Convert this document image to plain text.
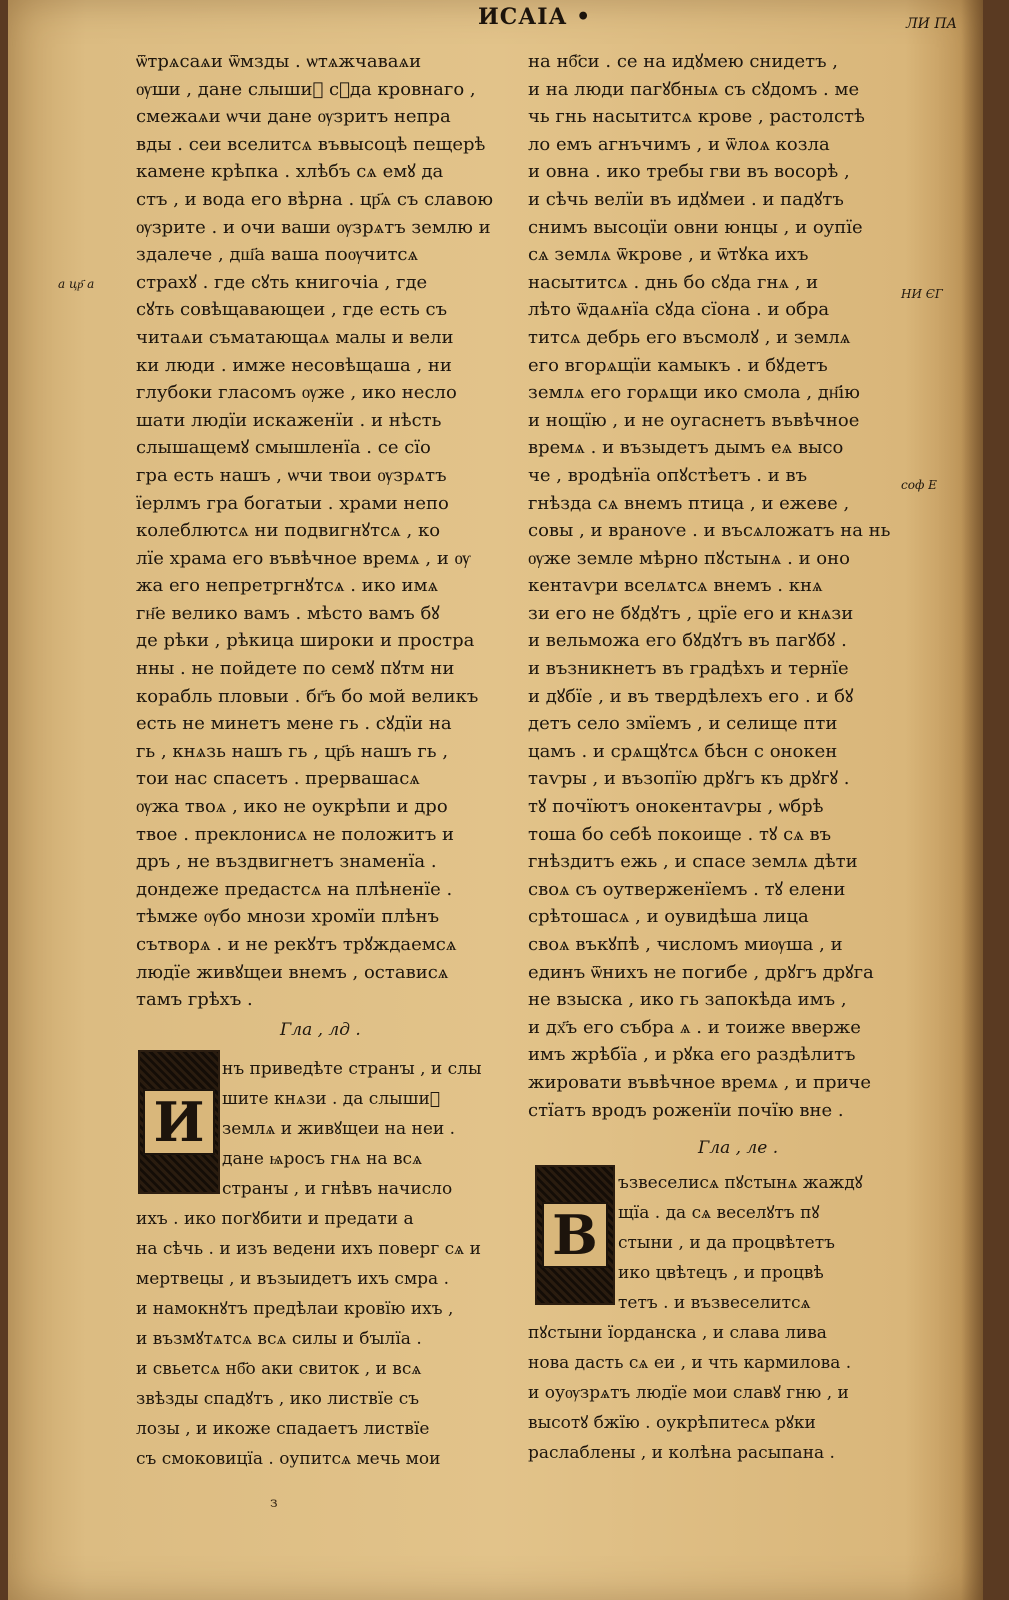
ИСАІА •	ЛИ ПА
а цр҃ а
НИ ЄГ
соф Е
ѿтрѧсаѧи ѿмзды . ѡтѧжчаваѧи
ѹши , дане слышиⷮ сꙋда кровнаго ,
смежаѧи ѡчи дане ѹзритъ непра
вды . сеи вселитсѧ въвысоцѣ пещерѣ
камене крѣпка . хлѣбъ сѧ емꙋ да
стъ , и вода его вѣрна . цр҃ѧ съ славою
ѹзрите . и очи ваши ѹзрѧтъ землю и
здалече , дш҃а ваша поѹчитсѧ
страхꙋ . где сꙋть книгочіа , где
сꙋть совѣщавающеи , где есть съ
читаѧи съматающаѧ малы и вели
ки люди . имже несовѣщаша , ни
глубоки гласомъ ѹже , ико несло
шати людїи искаженїи . и нѣсть
слышащемꙋ смышленїа . се сїо
гра есть нашъ , ѡчи твои ѹзрѧтъ
їерлмъ гра богатыи . храми непо
колеблютсѧ ни подвигнꙋтсѧ , ко
лїе храма его въвѣчное времѧ , и ѹ
жа его непретргнꙋтсѧ . ико имѧ
гн҃е велико вамъ . мѣсто вамъ бꙋ
де рѣки , рѣкица широки и простра
нны . не пойдете по семꙋ пꙋтм ни
корабль пловыи . бг҃ъ бо мой великъ
есть не минетъ мене гь . сꙋдїи на
гь , кнѧзь нашъ гь , цр҃ь нашъ гь ,
тои нас спасетъ . прервашасѧ
ѹжа твоѧ , ико не оукрѣпи и дро
твое . преклонисѧ не положитъ и
дръ , не въздвигнетъ знаменїа .
дондеже предастсѧ на плѣненїе .
тѣмже ѹбо мнози хромїи плѣнъ
сътворѧ . и не рекꙋтъ трꙋждаемсѧ
людїе живꙋщеи внемъ , остависѧ
тамъ грѣхъ .
Гла , лд .
И
нъ приведѣте странꙑ , и слы
шите кнѧзи . да слышиⷮ
землѧ и живꙋщеи на неи .
дане ѩросъ гнѧ на всѧ
странꙑ , и гнѣвъ начисло
ихъ . ико погꙋбити и предати а
на сѣчь . и изъ ведени ихъ поверг сѧ и
мертвецы , и възыидетъ ихъ смра .
и намокнꙋтъ предѣлаи кровїю ихъ ,
и възмꙋтѧтсѧ всѧ силы и бꙑлїа .
и свьетсѧ нб҃о аки свиток , и всѧ
звѣзды спадꙋтъ , ико листвїе съ
лозы , и икоже спадаетъ листвїе
съ смоковицїа . оупитсѧ мечь мои
на нб҃си . се на идꙋмею снидетъ ,
и на люди пагꙋбныѧ съ сꙋдомъ . ме
чь гнь насытитсѧ крове , растолстѣ
ло емъ агнъчимъ , и ѿлоѧ козла
и овна . ико требы гви въ восорѣ ,
и сѣчь велїи въ идꙋмеи . и падꙋтъ
снимъ высоцїи овни юнцы , и оупїе
сѧ землѧ ѿкрове , и ѿтꙋка ихъ
насытитсѧ . днь бо сꙋда гнѧ , и
лѣто ѿдаѧнїа сꙋда сїона . и обра
титсѧ дебрь его въсмолꙋ , и землѧ
его вгорѧщїи камыкъ . и бꙋдетъ
землѧ его горѧщи ико смола , дн҃ію
и нощїю , и не оугаснетъ въвѣчное
времѧ . и възыдетъ дымъ еѧ высо
че , вродѣнїа опꙋстѣетъ . и въ
гнѣзда сѧ внемъ птица , и ежеве ,
совы , и враноѵе . и въсѧложатъ на нь
ѹже земле мѣрно пꙋстынѧ . и оно
кентаѵри вселѧтсѧ внемъ . кнѧ
зи его не бꙋдꙋтъ , црїе его и кнѧзи
и вельможа его бꙋдꙋтъ въ пагꙋбꙋ .
и възникнетъ въ градѣхъ и тернїе
и дꙋбїе , и въ твердѣлехъ его . и бꙋ
детъ село змїемъ , и селище пти
цамъ . и срѧщꙋтсѧ бѣсн с онокен
таѵры , и възопїю дрꙋгъ къ дрꙋгꙋ .
тꙋ почїютъ онокентаѵры , ѡбрѣ
тоша бо себѣ покоище . тꙋ сѧ въ
гнѣздитъ ежь , и спасе землѧ дѣти
своѧ съ оутверженїемъ . тꙋ елени
срѣтошасѧ , и оувидѣша лица
своѧ въкꙋпѣ , числомъ миѹша , и
единъ ѿнихъ не погибе , дрꙋгъ дрꙋга
не взыска , ико гь запокѣда имъ ,
и дх҃ъ его събра ѧ . и тоиже вверже
имъ жрѣбїа , и рꙋка его раздѣлитъ
жировати въвѣчное времѧ , и приче
стїатъ вродъ роженїи почїю вне .
Гла , ле .
В
ъзвеселисѧ пꙋстынѧ жаждꙋ
щїа . да сѧ веселꙋтъ пꙋ
стыни , и да процвѣтетъ
ико цвѣтецъ , и процвѣ
тетъ . и възвеселитсѧ
пꙋстыни їорданска , и слава лива
нова дасть сѧ еи , и чть кармилова .
и оуѹзрѧтъ людїе мои славꙋ гню , и
высотꙋ бжїю . оукрѣпитесѧ рꙋки
раслаблены , и колѣна расыпана .
з
